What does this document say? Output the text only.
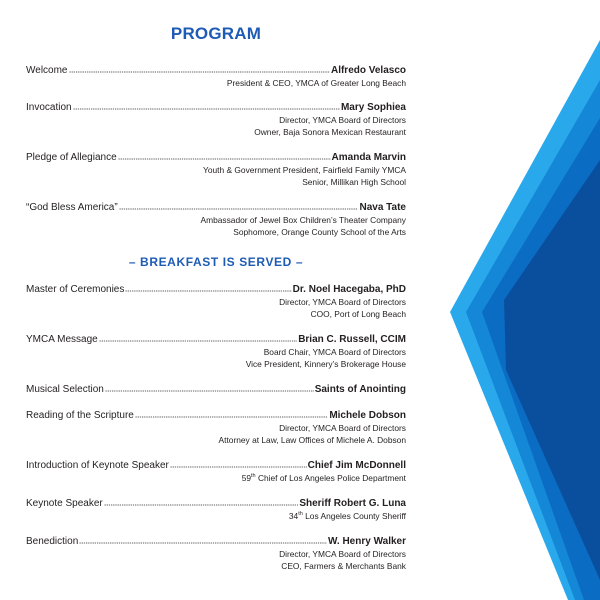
PROGRAM
– BREAKFAST IS SERVED –
Welcome	Alfredo Velasco
President & CEO, YMCA of Greater Long Beach
Invocation	Mary Sophiea
Director, YMCA Board of Directors
Owner, Baja Sonora Mexican Restaurant
Pledge of Allegiance	Amanda Marvin
Youth & Government President, Fairfield Family YMCA
Senior, Millikan High School
“God Bless America”	Nava Tate
Ambassador of Jewel Box Children’s Theater Company
Sophomore, Orange County School of the Arts
Master of Ceremonies	Dr. Noel Hacegaba, PhD
Director, YMCA Board of Directors
COO, Port of Long Beach
YMCA Message	Brian C. Russell, CCIM
Board Chair, YMCA Board of Directors
Vice President, Kinnery’s Brokerage House
Musical Selection	Saints of Anointing
Reading of the Scripture	Michele Dobson
Director, YMCA Board of Directors
Attorney at Law, Law Offices of Michele A. Dobson
Introduction of Keynote Speaker	Chief Jim McDonnell
59th Chief of Los Angeles Police Department
Keynote Speaker	Sheriff Robert G. Luna
34th Los Angeles County Sheriff
Benediction	W. Henry Walker
Director, YMCA Board of Directors
CEO, Farmers & Merchants Bank
